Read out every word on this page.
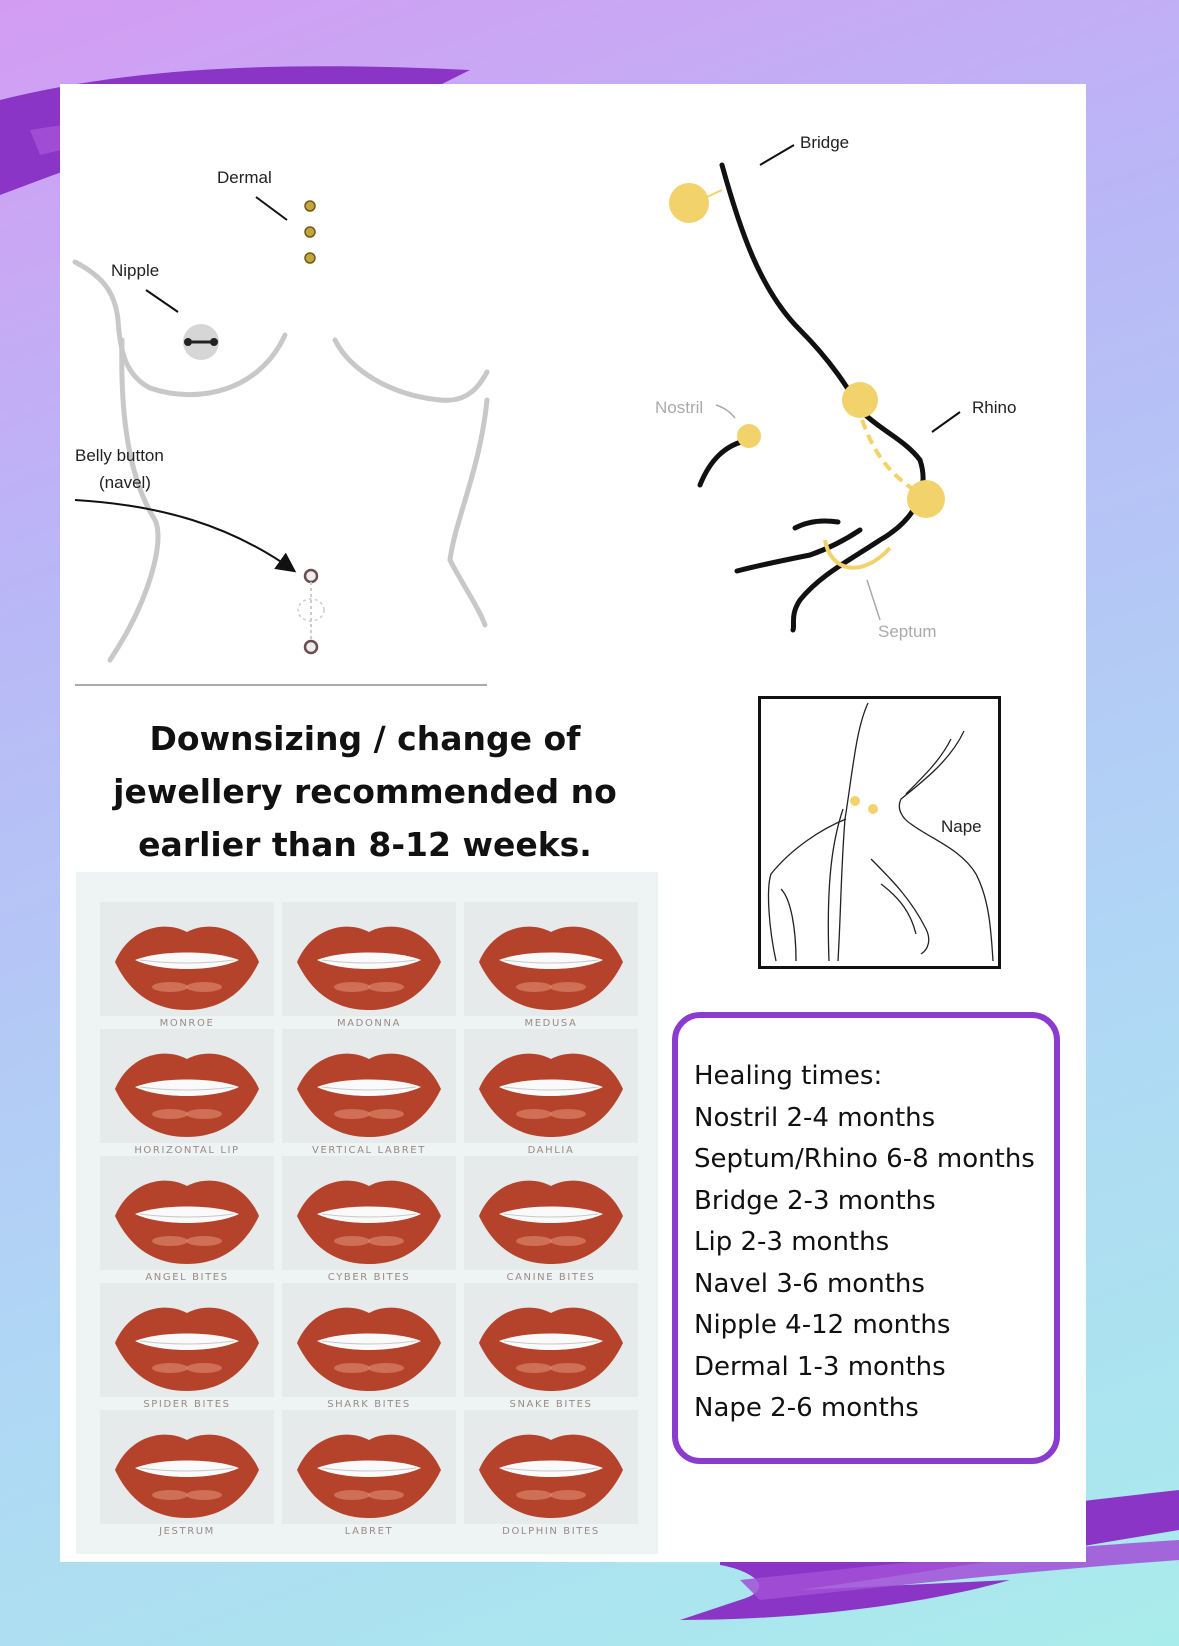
Dermal
Nipple
Belly button
(navel)
Bridge
Rhino
Nostril
Septum
Nape
Downsizing / change of
jewellery recommended no
earlier than 8-12 weeks.
MONROE	MADONNA	MEDUSA
HORIZONTAL LIP	VERTICAL LABRET	DAHLIA
ANGEL BITES	CYBER BITES	CANINE BITES
SPIDER BITES	SHARK BITES	SNAKE BITES
JESTRUM	LABRET	DOLPHIN BITES
Healing times:
Nostril 2-4 months
Septum/Rhino 6-8 months
Bridge 2-3 months
Lip 2-3 months
Navel 3-6 months
Nipple 4-12 months
Dermal 1-3 months
Nape 2-6 months
